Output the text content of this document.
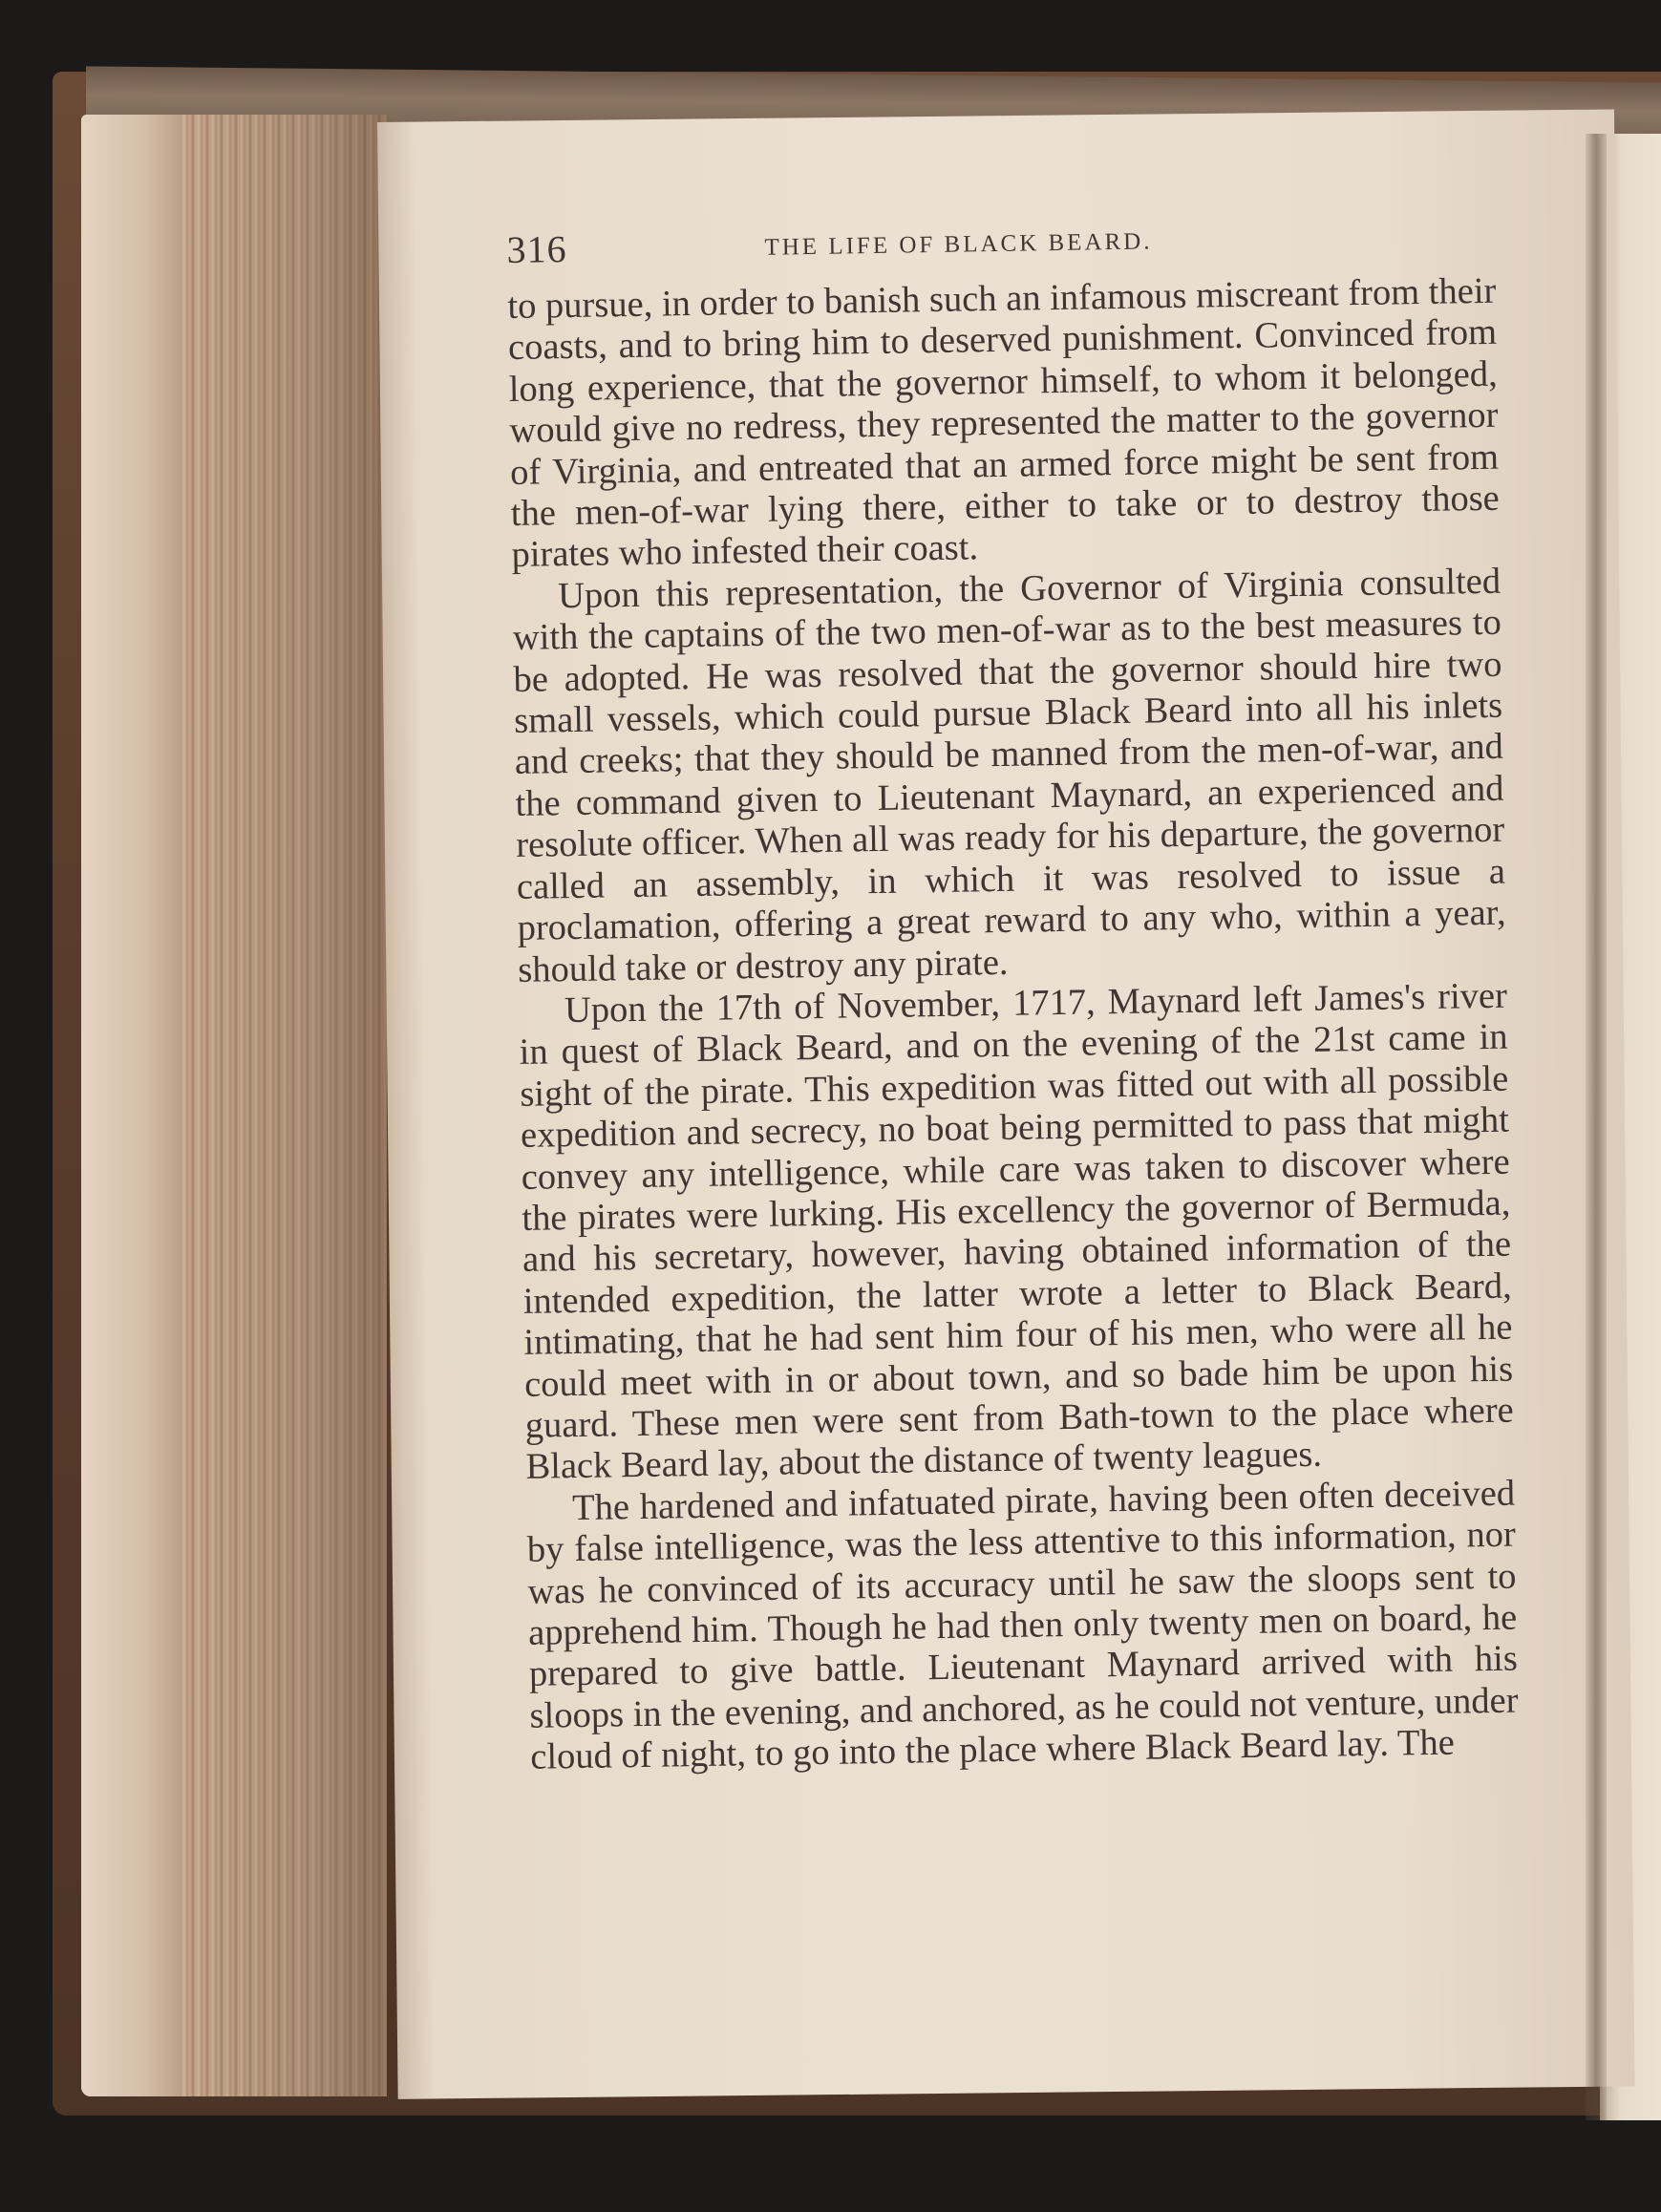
316	THE LIFE OF BLACK BEARD.

to pursue, in order to banish such an infamous miscreant from their coasts, and to bring him to deserved punishment. Convinced from long experience, that the governor himself, to whom it belonged, would give no redress, they represented the matter to the governor of Virginia, and entreated that an armed force might be sent from the men-of-war lying there, either to take or to destroy those pirates who infested their coast.

Upon this representation, the Governor of Virginia consulted with the captains of the two men-of-war as to the best measures to be adopted. He was resolved that the governor should hire two small vessels, which could pursue Black Beard into all his inlets and creeks; that they should be manned from the men-of-war, and the command given to Lieutenant Maynard, an experienced and resolute officer. When all was ready for his departure, the governor called an assembly, in which it was resolved to issue a proclamation, offering a great reward to any who, within a year, should take or destroy any pirate.

Upon the 17th of November, 1717, Maynard left James's river in quest of Black Beard, and on the evening of the 21st came in sight of the pirate. This expedition was fitted out with all possible expedition and secrecy, no boat being permitted to pass that might convey any intelligence, while care was taken to discover where the pirates were lurking. His excellency the governor of Bermuda, and his secretary, however, having obtained information of the intended expedition, the latter wrote a letter to Black Beard, intimating, that he had sent him four of his men, who were all he could meet with in or about town, and so bade him be upon his guard. These men were sent from Bath-town to the place where Black Beard lay, about the distance of twenty leagues.

The hardened and infatuated pirate, having been often deceived by false intelligence, was the less attentive to this information, nor was he convinced of its accuracy until he saw the sloops sent to apprehend him. Though he had then only twenty men on board, he prepared to give battle. Lieutenant Maynard arrived with his sloops in the evening, and anchored, as he could not venture, under cloud of night, to go into the place where Black Beard lay. The
